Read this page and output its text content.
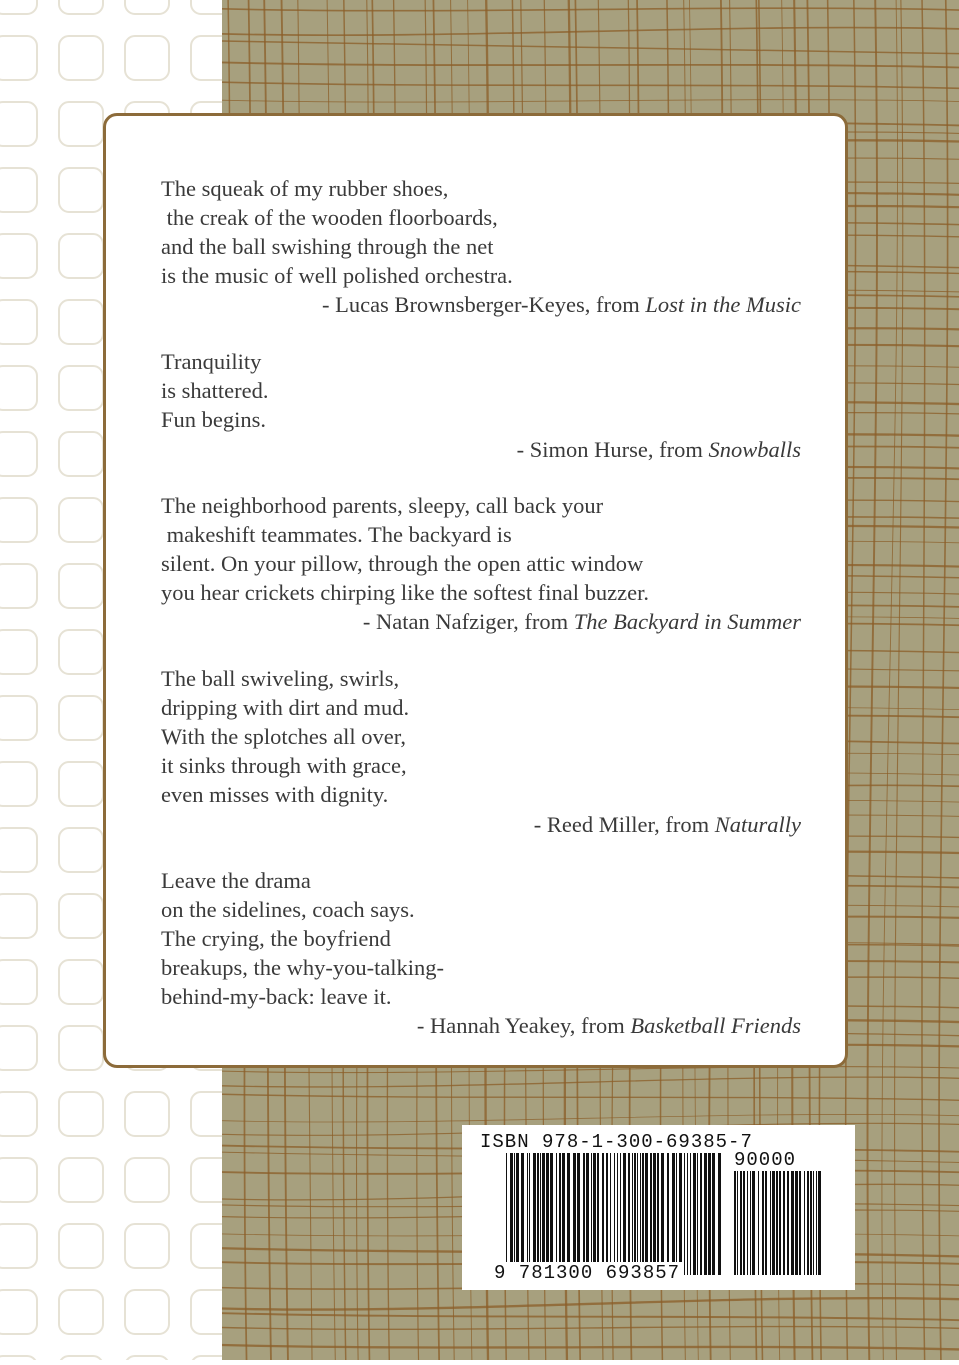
The squeak of my rubber shoes,
the creak of the wooden floorboards,
and the ball swishing through the net
is the music of well polished orchestra.
- Lucas Brownsberger-Keyes, from Lost in the Music
Tranquility
is shattered.
Fun begins.
- Simon Hurse, from Snowballs
The neighborhood parents, sleepy, call back your
makeshift teammates. The backyard is
silent. On your pillow, through the open attic window
you hear crickets chirping like the softest final buzzer.
- Natan Nafziger, from The Backyard in Summer
The ball swiveling, swirls,
dripping with dirt and mud.
With the splotches all over,
it sinks through with grace,
even misses with dignity.
- Reed Miller, from Naturally
Leave the drama
on the sidelines, coach says.
The crying, the boyfriend
breakups, the why-you-talking-
behind-my-back: leave it.
- Hannah Yeakey, from Basketball Friends
ISBN 978-1-300-69385-7
90000
9 781300 693857
